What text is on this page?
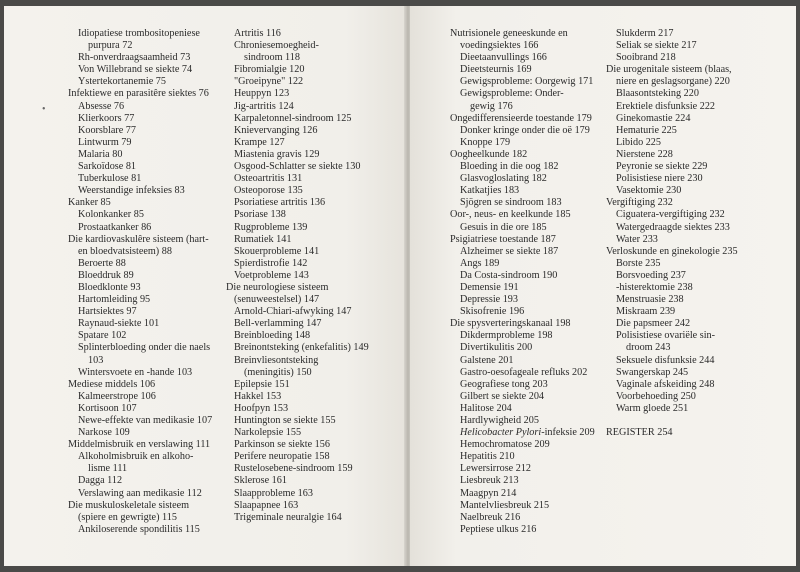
•
Idiopatiese trombositopeniese
purpura 72
Rh-onverdraagsaamheid 73
Von Willebrand se siekte 74
Ystertekortanemie 75
Infektiewe en parasitêre siektes 76
Absesse 76
Klierkoors 77
Koorsblare 77
Lintwurm 79
Malaria 80
Sarkoïdose 81
Tuberkulose 81
Weerstandige infeksies 83
Kanker 85
Kolonkanker 85
Prostaatkanker 86
Die kardiovaskulêre sisteem (hart-
en bloedvatsisteem) 88
Beroerte 88
Bloeddruk 89
Bloedklonte 93
Hartomleiding 95
Hartsiektes 97
Raynaud-siekte 101
Spatare 102
Splinterbloeding onder die naels
103
Wintersvoete en -hande 103
Mediese middels 106
Kalmeerstrope 106
Kortisoon 107
Newe-effekte van medikasie 107
Narkose 109
Middelmisbruik en verslawing 111
Alkoholmisbruik en alkoho-
lisme 111
Dagga 112
Verslawing aan medikasie 112
Die muskuloskeletale sisteem
(spiere en gewrigte) 115
Ankiloserende spondilitis 115
Artritis 116
Chroniesemoegheid-
sindroom 118
Fibromialgie 120
"Groeipyne" 122
Heuppyn 123
Jig-artritis 124
Karpaletonnel-sindroom 125
Knievervanging 126
Krampe 127
Miastenia gravis 129
Osgood-Schlatter se siekte 130
Osteoartritis 131
Osteoporose 135
Psoriatiese artritis 136
Psoriase 138
Rugprobleme 139
Rumatiek 141
Skouerprobleme 141
Spierdistrofie 142
Voetprobleme 143
Die neurologiese sisteem
(senuweestelsel) 147
Arnold-Chiari-afwyking 147
Bell-verlamming 147
Breinbloeding 148
Breinontsteking (enkefalitis) 149
Breinvliesontsteking
(meningitis) 150
Epilepsie 151
Hakkel 153
Hoofpyn 153
Huntington se siekte 155
Narkolepsie 155
Parkinson se siekte 156
Perifere neuropatie 158
Rustelosebene-sindroom 159
Sklerose 161
Slaapprobleme 163
Slaapapnee 163
Trigeminale neuralgie 164
Nutrisionele geneeskunde en
voedingsiektes 166
Dieetaanvullings 166
Dieetsteurnis 169
Gewigsprobleme: Oorgewig 171
Gewigsprobleme: Onder-
gewig 176
Ongedifferensieerde toestande 179
Donker kringe onder die oë 179
Knoppe 179
Oogheelkunde 182
Bloeding in die oog 182
Glasvogloslating 182
Katkatjies 183
Sjögren se sindroom 183
Oor-, neus- en keelkunde 185
Gesuis in die ore 185
Psigiatriese toestande 187
Alzheimer se siekte 187
Angs 189
Da Costa-sindroom 190
Demensie 191
Depressie 193
Skisofrenie 196
Die spysverteringskanaal 198
Dikdermprobleme 198
Divertikulitis 200
Galstene 201
Gastro-oesofageale refluks 202
Geografiese tong 203
Gilbert se siekte 204
Halitose 204
Hardlywigheid 205
Helicobacter Pylori-infeksie 209
Hemochromatose 209
Hepatitis 210
Lewersirrose 212
Liesbreuk 213
Maagpyn 214
Mantelvliesbreuk 215
Naelbreuk 216
Peptiese ulkus 216
Slukderm 217
Seliak se siekte 217
Sooibrand 218
Die urogenitale sisteem (blaas,
niere en geslagsorgane) 220
Blaasontsteking 220
Erektiele disfunksie 222
Ginekomastie 224
Hematurie 225
Libido 225
Nierstene 228
Peyronie se siekte 229
Polisistiese niere 230
Vasektomie 230
Vergiftiging 232
Ciguatera-vergiftiging 232
Watergedraagde siektes 233
Water 233
Verloskunde en ginekologie 235
Borste 235
Borsvoeding 237
-histerektomie 238
Menstruasie 238
Miskraam 239
Die papsmeer 242
Polisistiese ovariële sin-
droom 243
Seksuele disfunksie 244
Swangerskap 245
Vaginale afskeiding 248
Voorbehoeding 250
Warm gloede 251
REGISTER 254
